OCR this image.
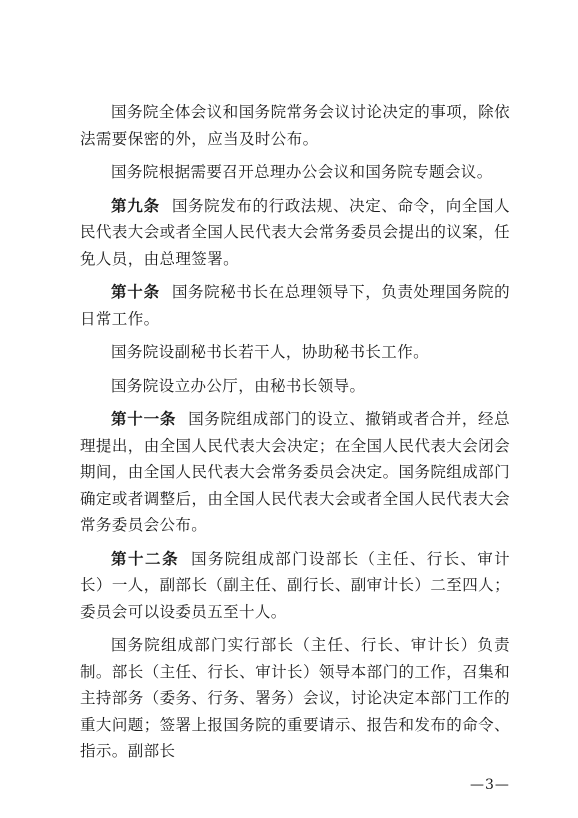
国务院全体会议和国务院常务会议讨论决定的事项，除依法需要保密的外，应当及时公布。

国务院根据需要召开总理办公会议和国务院专题会议。

第九条 国务院发布的行政法规、决定、命令，向全国人民代表大会或者全国人民代表大会常务委员会提出的议案，任免人员，由总理签署。

第十条 国务院秘书长在总理领导下，负责处理国务院的日常工作。

国务院设副秘书长若干人，协助秘书长工作。

国务院设立办公厅，由秘书长领导。

第十一条 国务院组成部门的设立、撤销或者合并，经总理提出，由全国人民代表大会决定；在全国人民代表大会闭会期间，由全国人民代表大会常务委员会决定。国务院组成部门确定或者调整后，由全国人民代表大会或者全国人民代表大会常务委员会公布。

第十二条 国务院组成部门设部长（主任、行长、审计长）一人，副部长（副主任、副行长、副审计长）二至四人；委员会可以设委员五至十人。

国务院组成部门实行部长（主任、行长、审计长）负责制。部长（主任、行长、审计长）领导本部门的工作，召集和主持部务（委务、行务、署务）会议，讨论决定本部门工作的重大问题；签署上报国务院的重要请示、报告和发布的命令、指示。副部长

—3—
